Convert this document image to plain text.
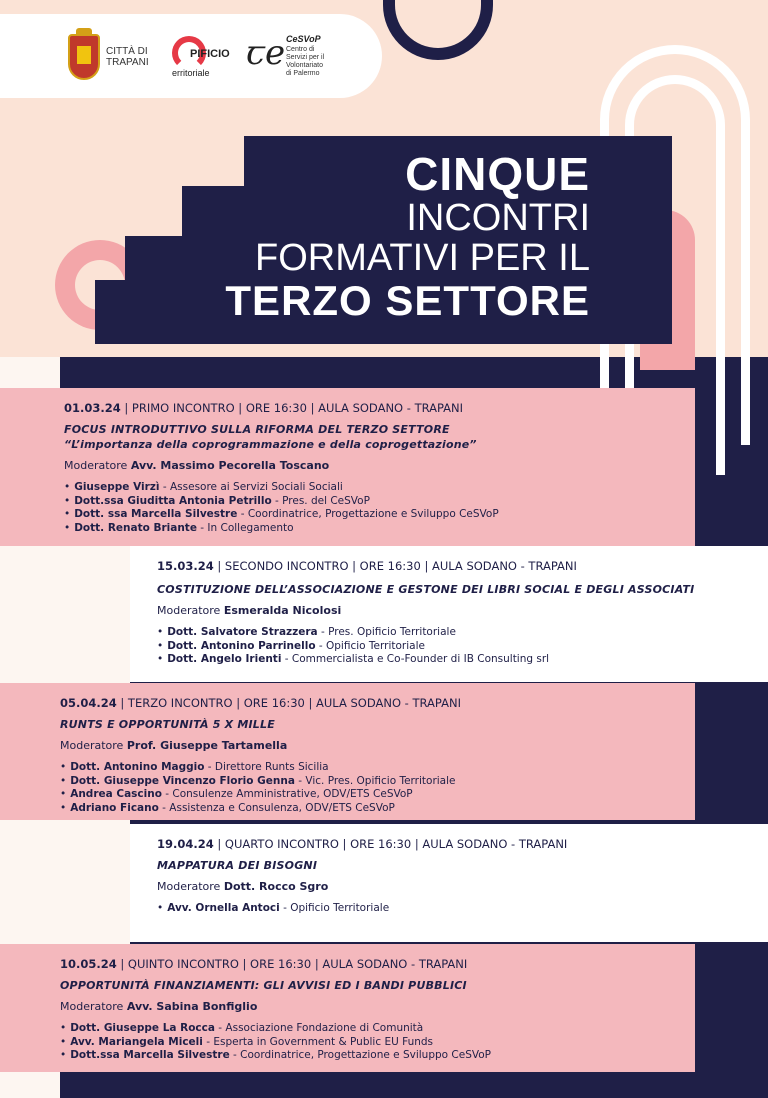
CITTÀ DI
TRAPANI
PIFICIO
erritoriale ꞇe CeSVoP
Centro di
Servizi per il
Volontariato
di Palermo
CINQUE
INCONTRI
FORMATIVI PER IL
TERZO SETTORE
01.03.24 | PRIMO INCONTRO | ORE 16:30 | AULA SODANO - TRAPANI
FOCUS INTRODUTTIVO SULLA RIFORMA DEL TERZO SETTORE
“L’importanza della coprogrammazione e della coprogettazione”
Moderatore Avv. Massimo Pecorella Toscano
• Giuseppe Virzì - Assesore ai Servizi Sociali Sociali
• Dott.ssa Giuditta Antonia Petrillo - Pres. del CeSVoP
• Dott. ssa Marcella Silvestre - Coordinatrice, Progettazione e Sviluppo CeSVoP
• Dott. Renato Briante - In Collegamento
15.03.24 | SECONDO INCONTRO | ORE 16:30 | AULA SODANO - TRAPANI
COSTITUZIONE DELL’ASSOCIAZIONE E GESTONE DEI LIBRI SOCIAL E DEGLI ASSOCIATI
Moderatore Esmeralda Nicolosi
• Dott. Salvatore Strazzera - Pres. Opificio Territoriale
• Dott. Antonino Parrinello - Opificio Territoriale
• Dott. Angelo Irienti - Commercialista e Co-Founder di IB Consulting srl
05.04.24 | TERZO INCONTRO | ORE 16:30 | AULA SODANO - TRAPANI
RUNTS E OPPORTUNITÀ 5 X MILLE
Moderatore Prof. Giuseppe Tartamella
• Dott. Antonino Maggio - Direttore Runts Sicilia
• Dott. Giuseppe Vincenzo Florio Genna - Vic. Pres. Opificio Territoriale
• Andrea Cascino - Consulenze Amministrative, ODV/ETS CeSVoP
• Adriano Ficano - Assistenza e Consulenza, ODV/ETS CeSVoP
19.04.24 | QUARTO INCONTRO | ORE 16:30 | AULA SODANO - TRAPANI
MAPPATURA DEI BISOGNI
Moderatore Dott. Rocco Sgro
• Avv. Ornella Antoci - Opificio Territoriale
10.05.24 | QUINTO INCONTRO | ORE 16:30 | AULA SODANO - TRAPANI
OPPORTUNITÀ FINANZIAMENTI: GLI AVVISI ED I BANDI PUBBLICI
Moderatore Avv. Sabina Bonfiglio
• Dott. Giuseppe La Rocca - Associazione Fondazione di Comunità
• Avv. Mariangela Miceli - Esperta in Government & Public EU Funds
• Dott.ssa Marcella Silvestre - Coordinatrice, Progettazione e Sviluppo CeSVoP
